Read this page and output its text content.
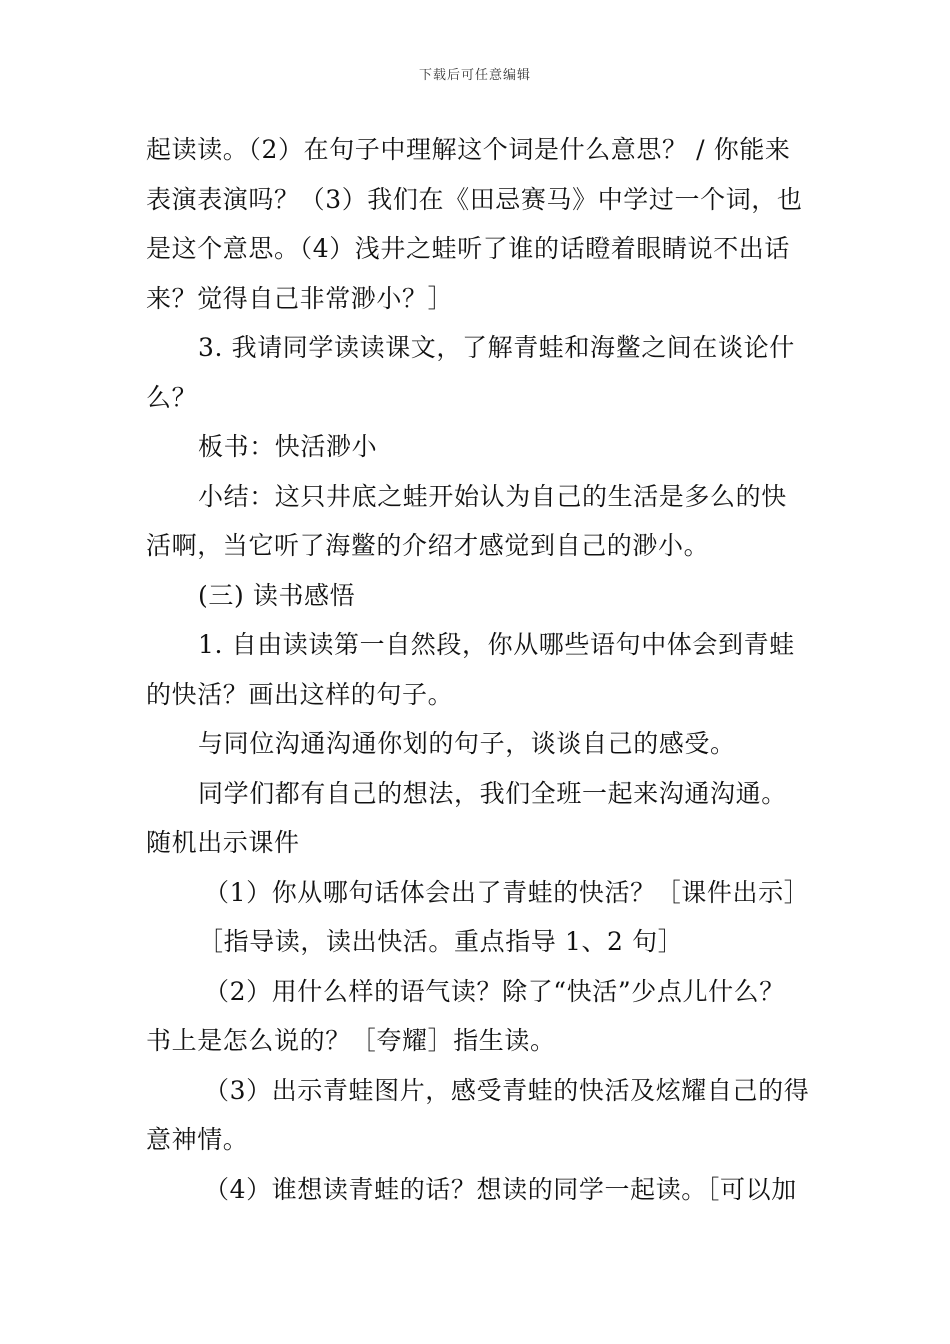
下载后可任意编辑
起读读。（2）在句子中理解这个词是什么意思？ / 你能来
表演表演吗？（3）我们在《田忌赛马》中学过一个词，也
是这个意思。（4）浅井之蛙听了谁的话瞪着眼睛说不出话
来？觉得自己非常渺小？］
3. 我请同学读读课文，了解青蛙和海鳖之间在谈论什
么？
板书：快活渺小
小结：这只井底之蛙开始认为自己的生活是多么的快
活啊，当它听了海鳖的介绍才感觉到自己的渺小。
(三) 读书感悟
1. 自由读读第一自然段，你从哪些语句中体会到青蛙
的快活？画出这样的句子。
与同位沟通沟通你划的句子，谈谈自己的感受。
同学们都有自己的想法，我们全班一起来沟通沟通。
随机出示课件
（1）你从哪句话体会出了青蛙的快活？［课件出示］
［指导读，读出快活。重点指导 1、2 句］
（2）用什么样的语气读？除了“快活”少点儿什么？
书上是怎么说的？［夸耀］指生读。
（3）出示青蛙图片，感受青蛙的快活及炫耀自己的得
意神情。
（4）谁想读青蛙的话？想读的同学一起读。［可以加
